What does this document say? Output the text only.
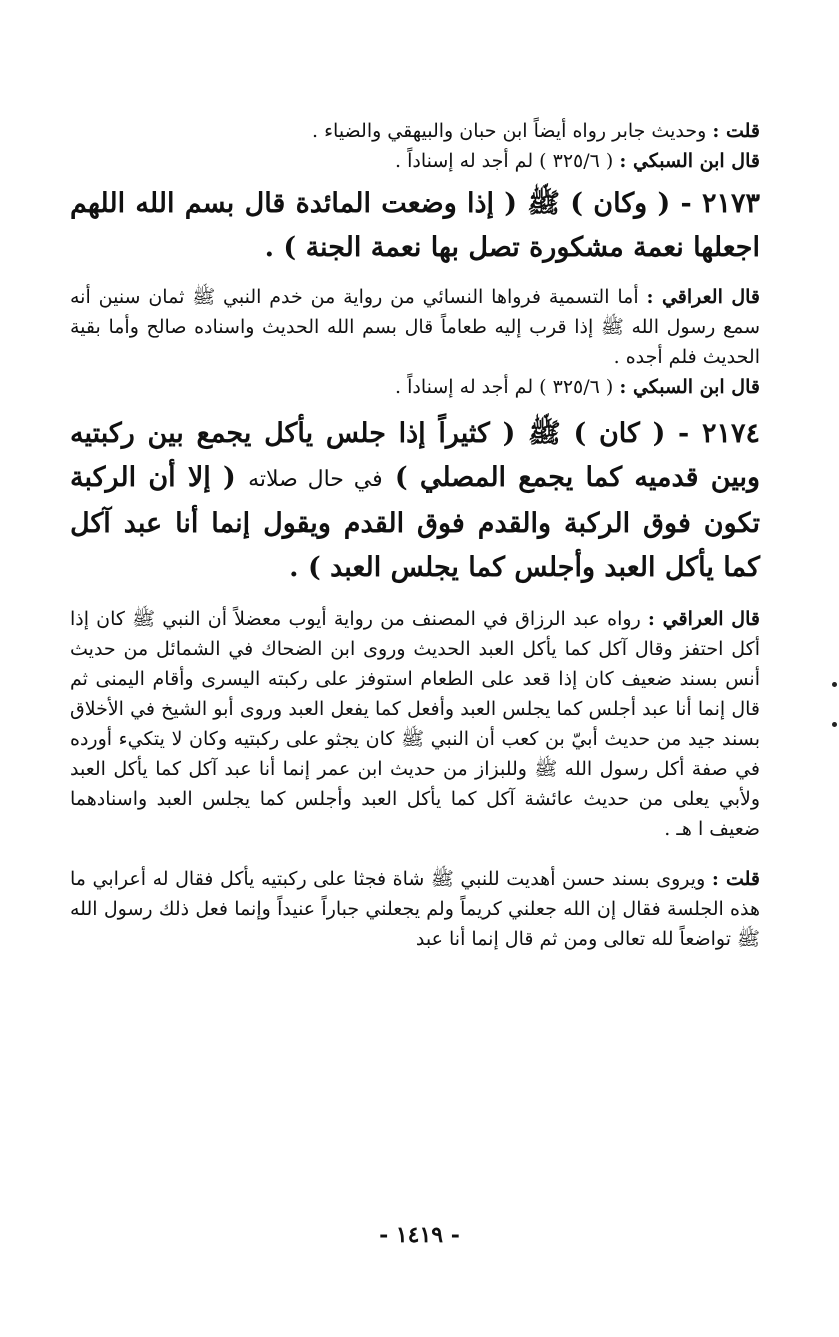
قلت : وحديث جابر رواه أيضاً ابن حبان والبيهقي والضياء .

قال ابن السبكي : ( ٣٢٥/٦ ) لم أجد له إسناداً .

٢١٧٣ - ( وكان ) ﷺ ( إذا وضعت المائدة قال بسم الله اللهم اجعلها نعمة مشكورة تصل بها نعمة الجنة ) .

قال العراقي : أما التسمية فرواها النسائي من رواية من خدم النبي ﷺ ثمان سنين أنه سمع رسول الله ﷺ إذا قرب إليه طعاماً قال بسم الله الحديث واسناده صالح وأما بقية الحديث فلم أجده .

قال ابن السبكي : ( ٣٢٥/٦ ) لم أجد له إسناداً .

٢١٧٤ - ( كان ) ﷺ ( كثيراً إذا جلس يأكل يجمع بين ركبتيه وبين قدميه كما يجمع المصلي ) في حال صلاته ( إلا أن الركبة تكون فوق الركبة والقدم فوق القدم ويقول إنما أنا عبد آكل كما يأكل العبد وأجلس كما يجلس العبد ) .

قال العراقي : رواه عبد الرزاق في المصنف من رواية أيوب معضلاً أن النبي ﷺ كان إذا أكل احتفز وقال آكل كما يأكل العبد الحديث وروى ابن الضحاك في الشمائل من حديث أنس بسند ضعيف كان إذا قعد على الطعام استوفز على ركبته اليسرى وأقام اليمنى ثم قال إنما أنا عبد أجلس كما يجلس العبد وأفعل كما يفعل العبد وروى أبو الشيخ في الأخلاق بسند جيد من حديث أبيّ بن كعب أن النبي ﷺ كان يجثو على ركبتيه وكان لا يتكيء أورده في صفة أكل رسول الله ﷺ وللبزاز من حديث ابن عمر إنما أنا عبد آكل كما يأكل العبد ولأبي يعلى من حديث عائشة آكل كما يأكل العبد وأجلس كما يجلس العبد واسنادهما ضعيف ا هـ .

قلت : ويروى بسند حسن أهديت للنبي ﷺ شاة فجثا على ركبتيه يأكل فقال له أعرابي ما هذه الجلسة فقال إن الله جعلني كريماً ولم يجعلني جباراً عنيداً وإنما فعل ذلك رسول الله ﷺ تواضعاً لله تعالى ومن ثم قال إنما أنا عبد

- ١٤١٩ -
